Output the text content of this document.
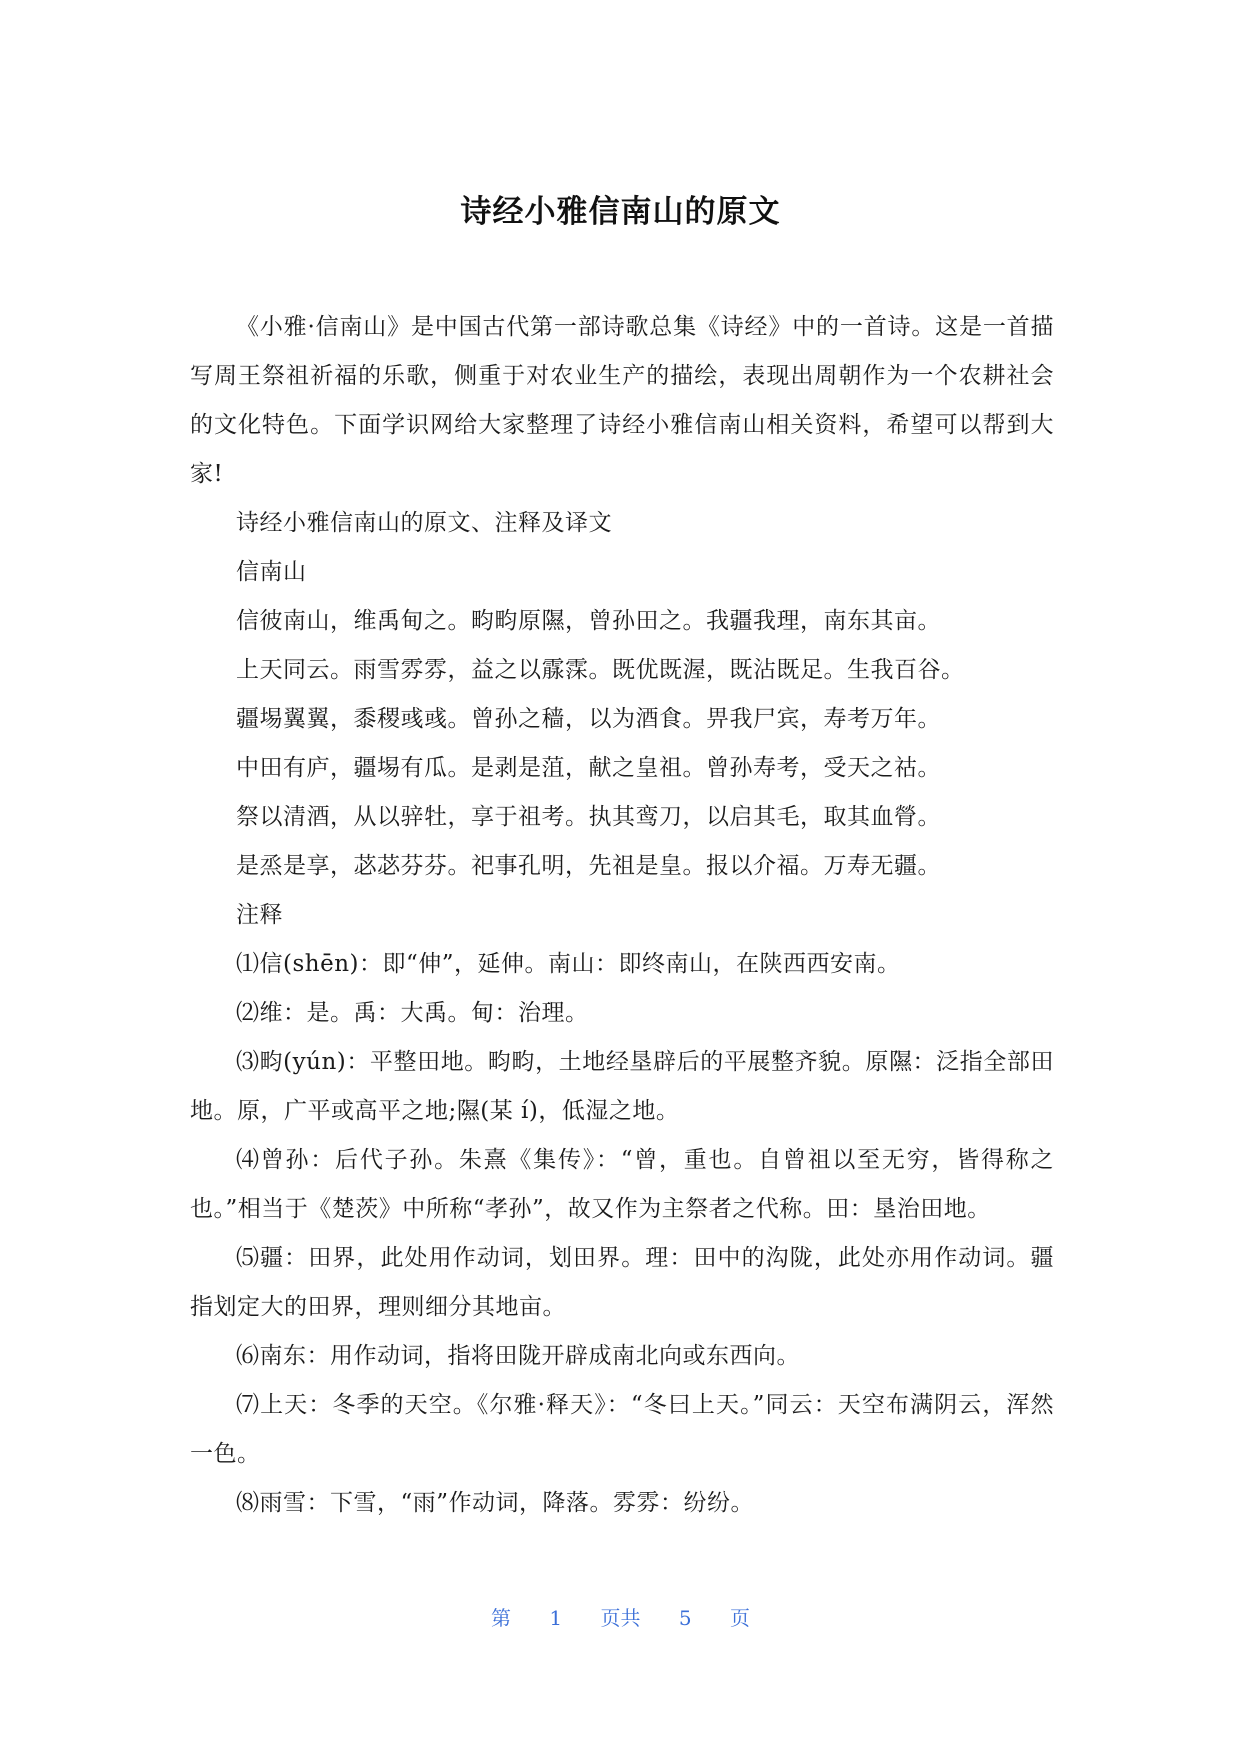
诗经小雅信南山的原文

《小雅·信南山》是中国古代第一部诗歌总集《诗经》中的一首诗。这是一首描写周王祭祖祈福的乐歌，侧重于对农业生产的描绘，表现出周朝作为一个农耕社会的文化特色。下面学识网给大家整理了诗经小雅信南山相关资料，希望可以帮到大家!

诗经小雅信南山的原文、注释及译文

信南山

信彼南山，维禹甸之。畇畇原隰，曾孙田之。我疆我理，南东其亩。

上天同云。雨雪雰雰，益之以霡霂。既优既渥，既沾既足。生我百谷。

疆埸翼翼，黍稷彧彧。曾孙之穑，以为酒食。畀我尸宾，寿考万年。

中田有庐，疆埸有瓜。是剥是菹，献之皇祖。曾孙寿考，受天之祜。

祭以清酒，从以骍牡，享于祖考。执其鸾刀，以启其毛，取其血膋。

是烝是享，苾苾芬芬。祀事孔明，先祖是皇。报以介福。万寿无疆。

注释

⑴信(shēn)：即“伸”，延伸。南山：即终南山，在陕西西安南。

⑵维：是。禹：大禹。甸：治理。

⑶畇(yún)：平整田地。畇畇，土地经垦辟后的平展整齐貌。原隰：泛指全部田地。原，广平或高平之地;隰(某 í)，低湿之地。

⑷曾孙：后代子孙。朱熹《集传》：“曾，重也。自曾祖以至无穷，皆得称之也。”相当于《楚茨》中所称“孝孙”，故又作为主祭者之代称。田：垦治田地。

⑸疆：田界，此处用作动词，划田界。理：田中的沟陇，此处亦用作动词。疆指划定大的田界，理则细分其地亩。

⑹南东：用作动词，指将田陇开辟成南北向或东西向。

⑺上天：冬季的天空。《尔雅·释天》：“冬曰上天。”同云：天空布满阴云，浑然一色。

⑻雨雪：下雪，“雨”作动词，降落。雰雰：纷纷。

第 1 页共 5 页
